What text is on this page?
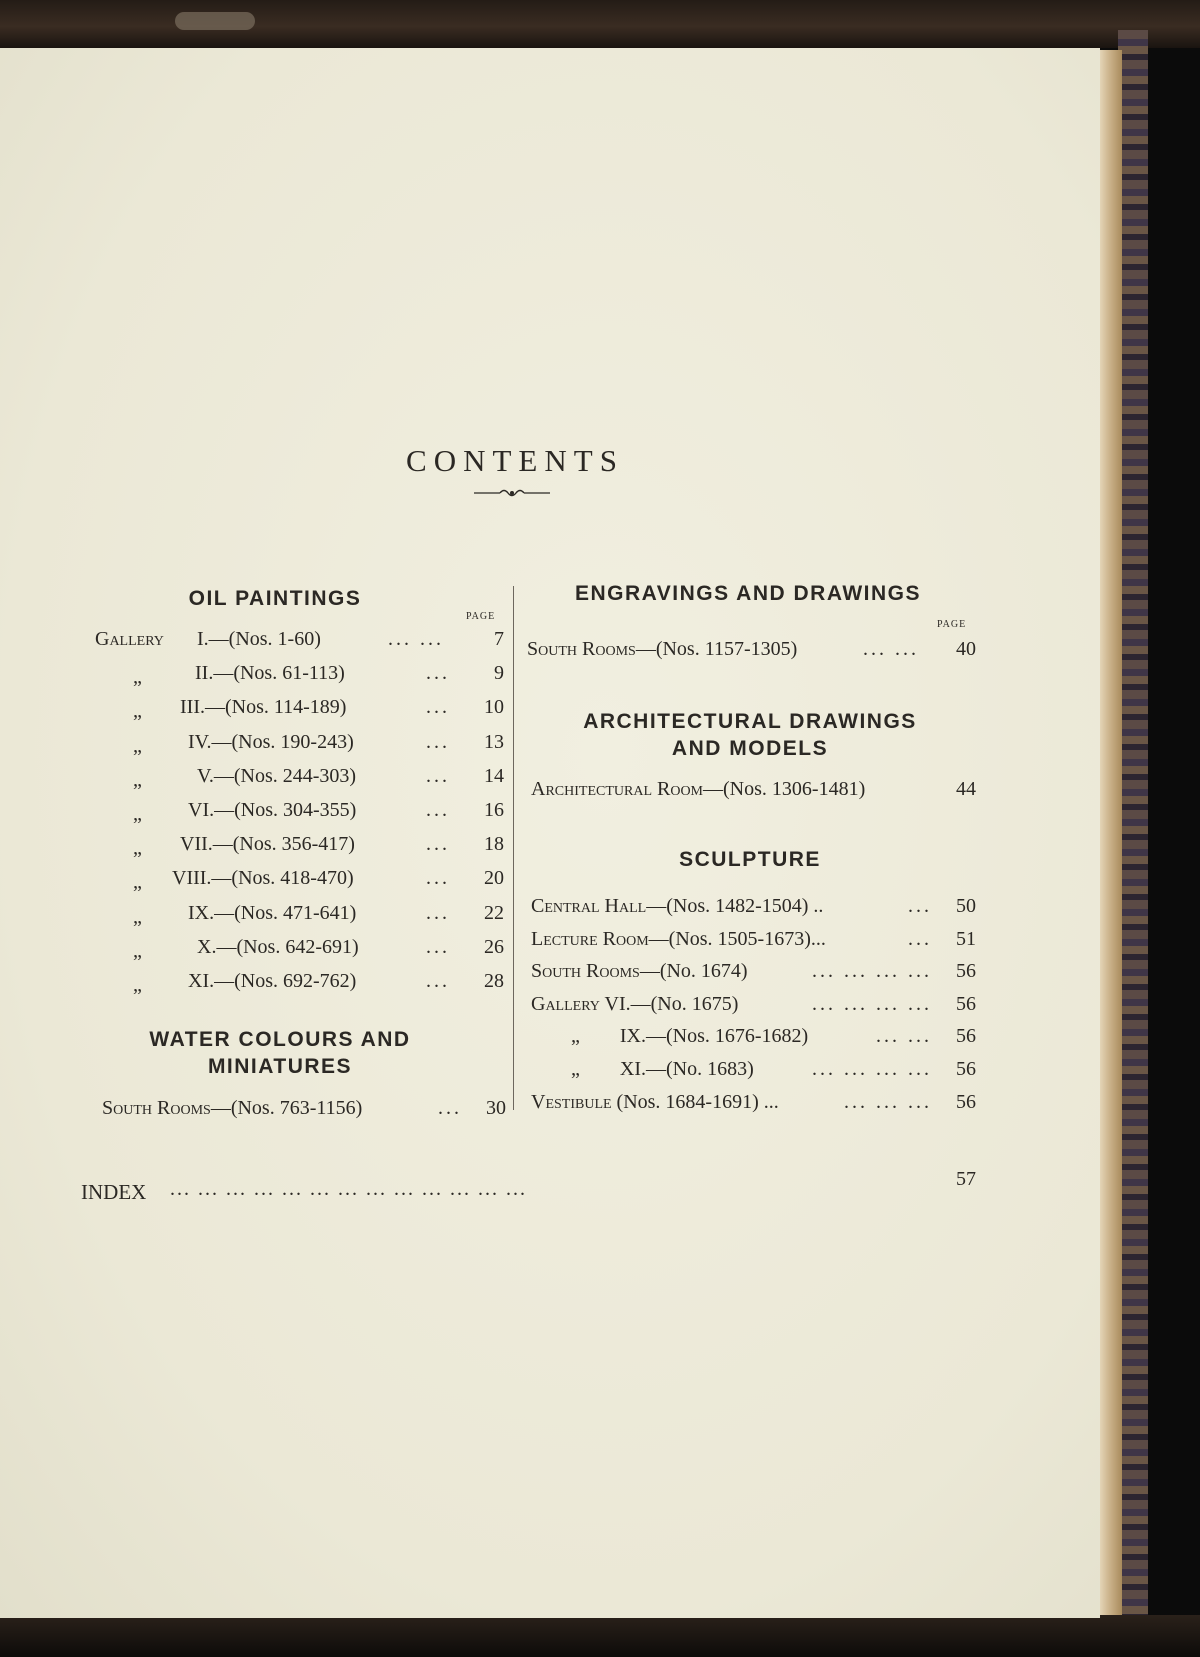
CONTENTS
OIL PAINTINGS
PAGE
Gallery I.—(Nos. 1-60)	... ...	7
„	II.—(Nos. 61-113)	...	9
„ III.—(Nos. 114-189)	...	10
„ IV.—(Nos. 190-243)	...	13
„	V.—(Nos. 244-303)	...	14
„ VI.—(Nos. 304-355)	...	16
„ VII.—(Nos. 356-417)	...	18
„ VIII.—(Nos. 418-470)	...	20
„ IX.—(Nos. 471-641)	...	22
„	X.—(Nos. 642-691)	...	26
„ XI.—(Nos. 692-762)	...	28
WATER COLOURS AND
MINIATURES
South Rooms—(Nos. 763-1156)	...	30
ENGRAVINGS AND DRAWINGS
PAGE
South Rooms—(Nos. 1157-1305)	... ...	40
ARCHITECTURAL DRAWINGS
AND MODELS
Architectural Room—(Nos. 1306-1481)	44
SCULPTURE
Central Hall—(Nos. 1482-1504) ..	...	50
Lecture Room—(Nos. 1505-1673)...	...	51
South Rooms—(No. 1674)	... ... ... ...	56
Gallery VI.—(No. 1675)	... ... ... ...	56
„ IX.—(Nos. 1676-1682)	... ...	56
„ XI.—(No. 1683)	... ... ... ...	56
Vestibule (Nos. 1684-1691) ...	... ... ...	56
INDEX ... ... ... ... ... ... ... ... ... ... ... ... ...	57
